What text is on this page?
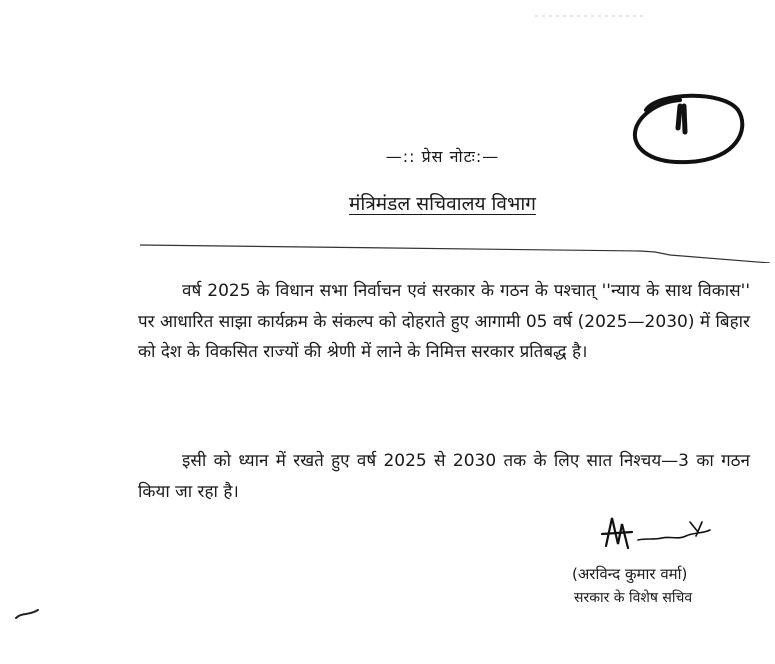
—:: प्रेस नोटः:—
मंत्रिमंडल सचिवालय विभाग

वर्ष 2025 के विधान सभा निर्वाचन एवं सरकार के गठन के पश्चात् ''न्याय के साथ विकास'' पर आधारित साझा कार्यक्रम के संकल्प को दोहराते हुए आगामी 05 वर्ष (2025—2030) में बिहार को देश के विकसित राज्यों की श्रेणी में लाने के निमित्त सरकार प्रतिबद्ध है।

इसी को ध्यान में रखते हुए वर्ष 2025 से 2030 तक के लिए सात निश्चय—3 का गठन किया जा रहा है।

(अरविन्द कुमार वर्मा)
सरकार के विशेष सचिव
